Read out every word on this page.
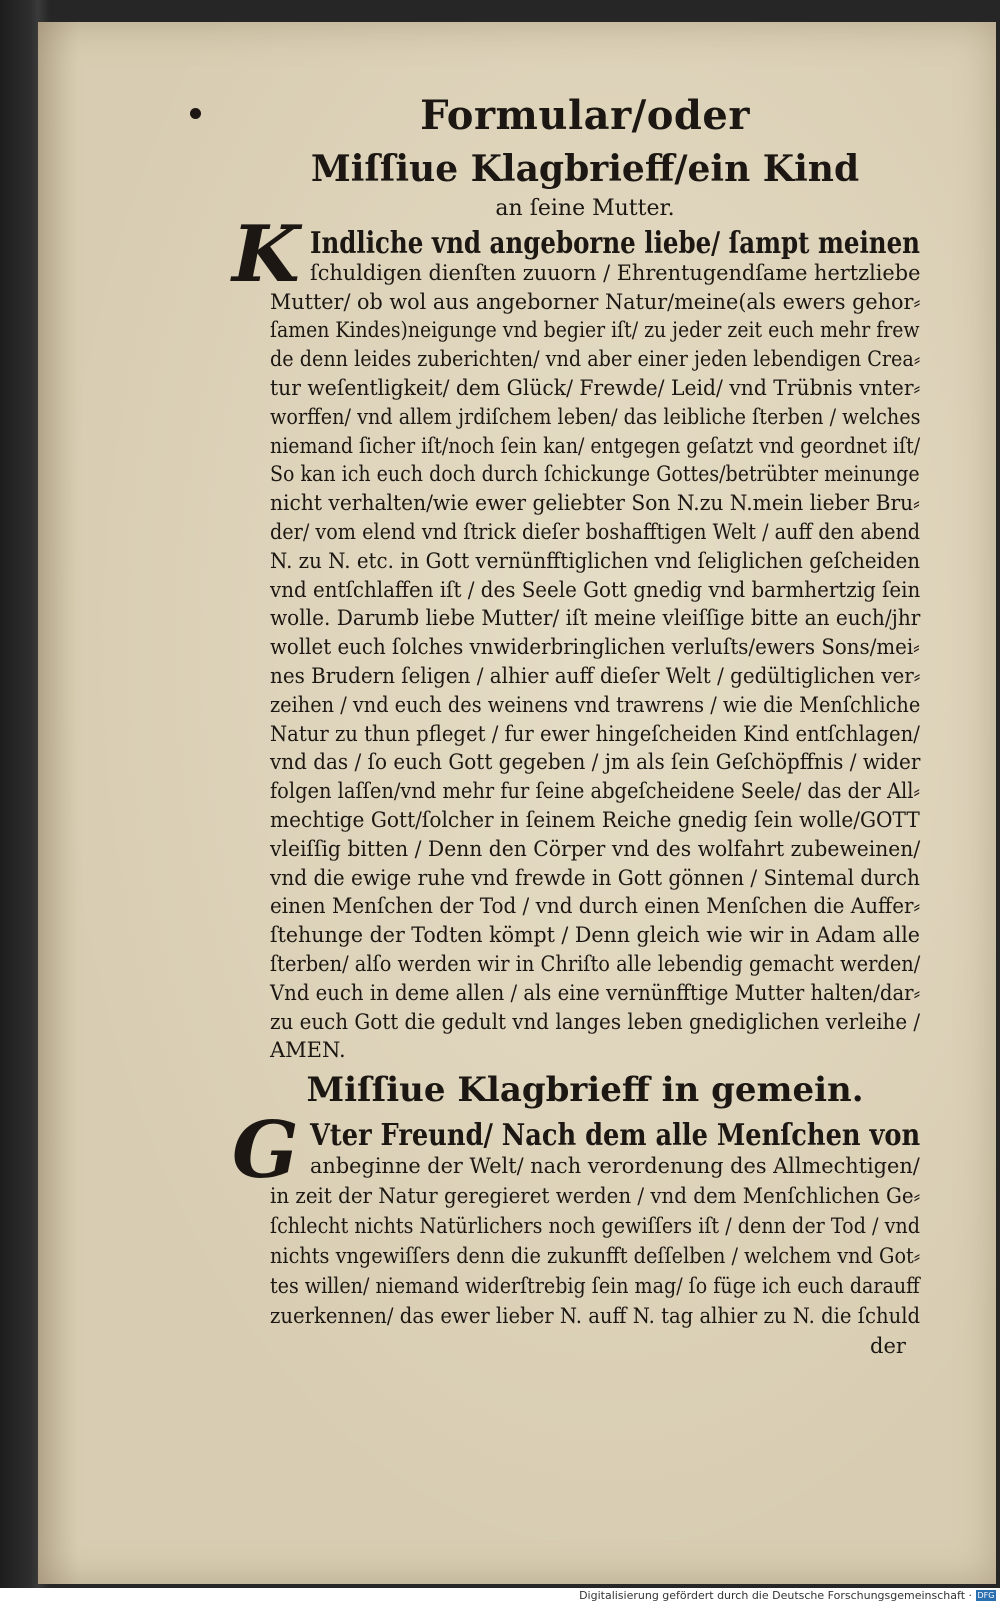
Formular/oder
Miſſiue Klagbrieff/ein Kind
an ſeine Mutter.
K Indliche vnd angeborne liebe/ ſampt meinen
ſchuldigen dienſten zuuorn / Ehrentugendſame hertzliebe
Mutter/ ob wol aus angeborner Natur/meine(als ewers gehor⸗
ſamen Kindes)neigunge vnd begier iſt/ zu jeder zeit euch mehr frew
de denn leides zuberichten/ vnd aber einer jeden lebendigen Crea⸗
tur weſentligkeit/ dem Glück/ Frewde/ Leid/ vnd Trübnis vnter⸗
worffen/ vnd allem jrdiſchem leben/ das leibliche ſterben / welches
niemand ſicher iſt/noch ſein kan/ entgegen geſatzt vnd geordnet iſt/
So kan ich euch doch durch ſchickunge Gottes/betrübter meinunge
nicht verhalten/wie ewer geliebter Son N.zu N.mein lieber Bru⸗
der/ vom elend vnd ſtrick dieſer boshafftigen Welt / auff den abend
N. zu N. etc. in Gott vernünfftiglichen vnd ſeliglichen geſcheiden
vnd entſchlaffen iſt / des Seele Gott gnedig vnd barmhertzig ſein
wolle. Darumb liebe Mutter/ iſt meine vleiſſige bitte an euch/jhr
wollet euch ſolches vnwiderbringlichen verluſts/ewers Sons/mei⸗
nes Brudern ſeligen / alhier auff dieſer Welt / gedültiglichen ver⸗
zeihen / vnd euch des weinens vnd trawrens / wie die Menſchliche
Natur zu thun pfleget / fur ewer hingeſcheiden Kind entſchlagen/
vnd das / ſo euch Gott gegeben / jm als ſein Geſchöpffnis / wider
folgen laſſen/vnd mehr fur ſeine abgeſcheidene Seele/ das der All⸗
mechtige Gott/ſolcher in ſeinem Reiche gnedig ſein wolle/GOTT
vleiſſig bitten / Denn den Cörper vnd des wolfahrt zubeweinen/
vnd die ewige ruhe vnd frewde in Gott gönnen / Sintemal durch
einen Menſchen der Tod / vnd durch einen Menſchen die Auffer⸗
ſtehunge der Todten kömpt / Denn gleich wie wir in Adam alle
ſterben/ alſo werden wir in Chriſto alle lebendig gemacht werden/
Vnd euch in deme allen / als eine vernünfftige Mutter halten/dar⸗
zu euch Gott die gedult vnd langes leben gnediglichen verleihe /
AMEN.
Miſſiue Klagbrieff in gemein.
G Vter Freund/ Nach dem alle Menſchen von
anbeginne der Welt/ nach verordenung des Allmechtigen/
in zeit der Natur geregieret werden / vnd dem Menſchlichen Ge⸗
ſchlecht nichts Natürlichers noch gewiſſers iſt / denn der Tod / vnd
nichts vngewiſſers denn die zukunfft deſſelben / welchem vnd Got⸗
tes willen/ niemand widerſtrebig ſein mag/ ſo füge ich euch darauff
zuerkennen/ das ewer lieber N. auff N. tag alhier zu N. die ſchuld
der
Digitalisierung gefördert durch die Deutsche Forschungsgemeinschaft · DFG
